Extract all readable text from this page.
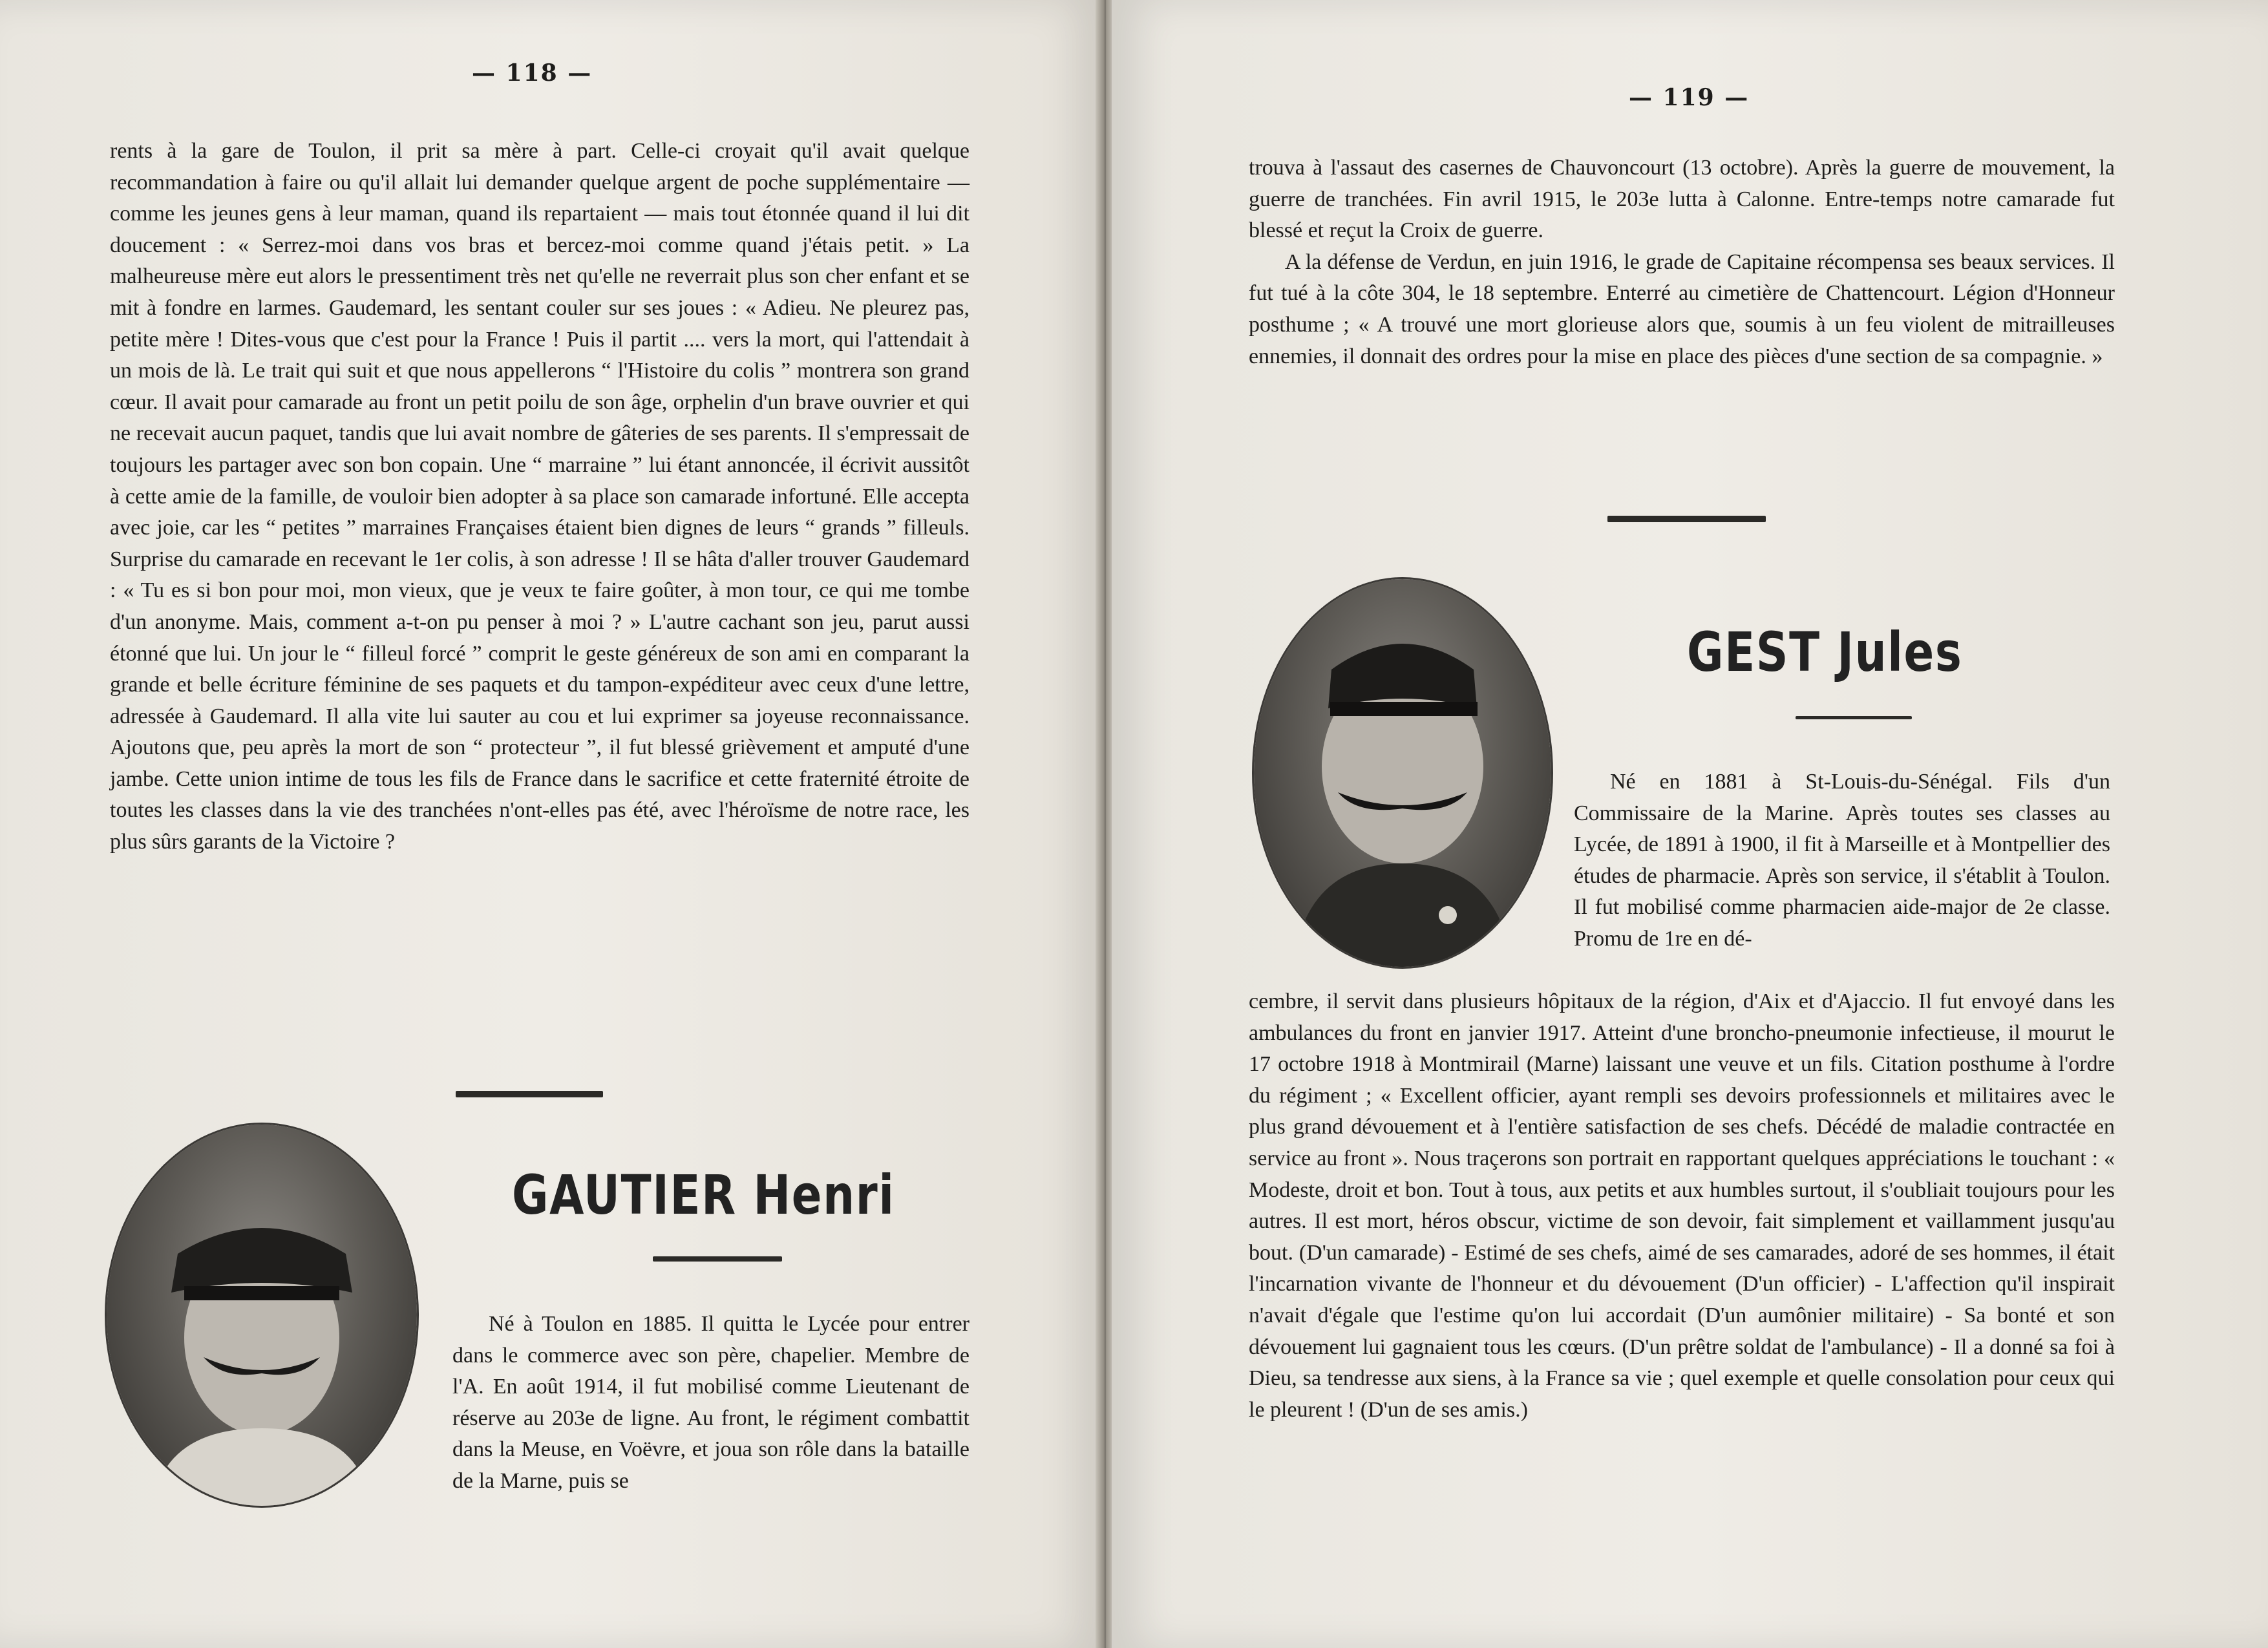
— 118 —

rents à la gare de Toulon, il prit sa mère à part. Celle-ci croyait qu'il avait quelque recommandation à faire ou qu'il allait lui demander quelque argent de poche supplémentaire — comme les jeunes gens à leur maman, quand ils repartaient — mais tout étonnée quand il lui dit doucement : « Serrez-moi dans vos bras et bercez-moi comme quand j'étais petit. » La malheureuse mère eut alors le pressentiment très net qu'elle ne reverrait plus son cher enfant et se mit à fondre en larmes. Gaudemard, les sentant couler sur ses joues : « Adieu. Ne pleurez pas, petite mère ! Dites-vous que c'est pour la France ! Puis il partit .... vers la mort, qui l'attendait à un mois de là. Le trait qui suit et que nous appellerons “ l'Histoire du colis ” montrera son grand cœur. Il avait pour camarade au front un petit poilu de son âge, orphelin d'un brave ouvrier et qui ne recevait aucun paquet, tandis que lui avait nombre de gâteries de ses parents. Il s'empressait de toujours les partager avec son bon copain. Une “ marraine ” lui étant annoncée, il écrivit aussitôt à cette amie de la famille, de vouloir bien adopter à sa place son camarade infortuné. Elle accepta avec joie, car les “ petites ” marraines Françaises étaient bien dignes de leurs “ grands ” filleuls. Surprise du camarade en recevant le 1er colis, à son adresse ! Il se hâta d'aller trouver Gaudemard : « Tu es si bon pour moi, mon vieux, que je veux te faire goûter, à mon tour, ce qui me tombe d'un anonyme. Mais, comment a-t-on pu penser à moi ? » L'autre cachant son jeu, parut aussi étonné que lui. Un jour le “ filleul forcé ” comprit le geste généreux de son ami en comparant la grande et belle écriture féminine de ses paquets et du tampon-expéditeur avec ceux d'une lettre, adressée à Gaudemard. Il alla vite lui sauter au cou et lui exprimer sa joyeuse reconnaissance. Ajoutons que, peu après la mort de son “ protecteur ”, il fut blessé grièvement et amputé d'une jambe. Cette union intime de tous les fils de France dans le sacrifice et cette fraternité étroite de toutes les classes dans la vie des tranchées n'ont-elles pas été, avec l'héroïsme de notre race, les plus sûrs garants de la Victoire ?

GAUTIER Henri

Né à Toulon en 1885. Il quitta le Lycée pour entrer dans le commerce avec son père, chapelier. Membre de l'A. En août 1914, il fut mobilisé comme Lieutenant de réserve au 203e de ligne. Au front, le régiment combattit dans la Meuse, en Voëvre, et joua son rôle dans la bataille de la Marne, puis se

— 119 —

trouva à l'assaut des casernes de Chauvoncourt (13 octobre). Après la guerre de mouvement, la guerre de tranchées. Fin avril 1915, le 203e lutta à Calonne. Entre-temps notre camarade fut blessé et reçut la Croix de guerre.

A la défense de Verdun, en juin 1916, le grade de Capitaine récompensa ses beaux services. Il fut tué à la côte 304, le 18 septembre. Enterré au cimetière de Chattencourt. Légion d'Honneur posthume ; « A trouvé une mort glorieuse alors que, soumis à un feu violent de mitrailleuses ennemies, il donnait des ordres pour la mise en place des pièces d'une section de sa compagnie. »

GEST Jules

Né en 1881 à St-Louis-du-Sénégal. Fils d'un Commissaire de la Marine. Après toutes ses classes au Lycée, de 1891 à 1900, il fit à Marseille et à Montpellier des études de pharmacie. Après son service, il s'établit à Toulon. Il fut mobilisé comme pharmacien aide-major de 2e classe. Promu de 1re en dé-

cembre, il servit dans plusieurs hôpitaux de la région, d'Aix et d'Ajaccio. Il fut envoyé dans les ambulances du front en janvier 1917. Atteint d'une broncho-pneumonie infectieuse, il mourut le 17 octobre 1918 à Montmirail (Marne) laissant une veuve et un fils. Citation posthume à l'ordre du régiment ; « Excellent officier, ayant rempli ses devoirs professionnels et militaires avec le plus grand dévouement et à l'entière satisfaction de ses chefs. Décédé de maladie contractée en service au front ». Nous traçerons son portrait en rapportant quelques appréciations le touchant : « Modeste, droit et bon. Tout à tous, aux petits et aux humbles surtout, il s'oubliait toujours pour les autres. Il est mort, héros obscur, victime de son devoir, fait simplement et vaillamment jusqu'au bout. (D'un camarade) - Estimé de ses chefs, aimé de ses camarades, adoré de ses hommes, il était l'incarnation vivante de l'honneur et du dévouement (D'un officier) - L'affection qu'il inspirait n'avait d'égale que l'estime qu'on lui accordait (D'un aumônier militaire) - Sa bonté et son dévouement lui gagnaient tous les cœurs. (D'un prêtre soldat de l'ambulance) - Il a donné sa foi à Dieu, sa tendresse aux siens, à la France sa vie ; quel exemple et quelle consolation pour ceux qui le pleurent ! (D'un de ses amis.)
